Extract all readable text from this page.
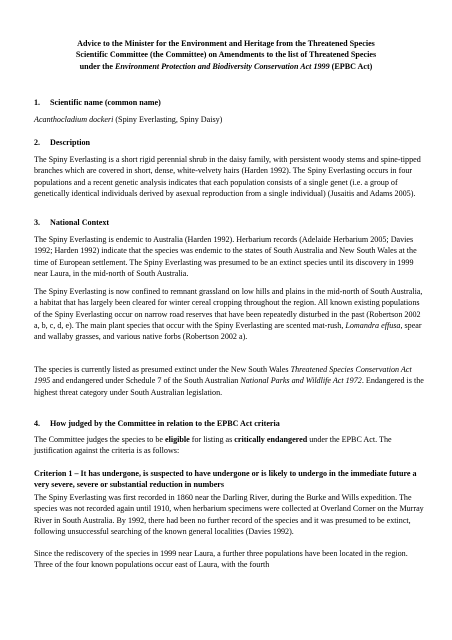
Advice to the Minister for the Environment and Heritage from the Threatened Species
Scientific Committee (the Committee) on Amendments to the list of Threatened Species
under the Environment Protection and Biodiversity Conservation Act 1999 (EPBC Act)
1. Scientific name (common name)

Acanthocladium dockeri (Spiny Everlasting, Spiny Daisy)

2. Description

The Spiny Everlasting is a short rigid perennial shrub in the daisy family, with persistent woody stems and spine-tipped branches which are covered in short, dense, white-velvety hairs (Harden 1992). The Spiny Everlasting occurs in four populations and a recent genetic analysis indicates that each population consists of a single genet (i.e. a group of genetically identical individuals derived by asexual reproduction from a single individual) (Jusaitis and Adams 2005).

3. National Context

The Spiny Everlasting is endemic to Australia (Harden 1992). Herbarium records (Adelaide Herbarium 2005; Davies 1992; Harden 1992) indicate that the species was endemic to the states of South Australia and New South Wales at the time of European settlement. The Spiny Everlasting was presumed to be an extinct species until its discovery in 1999 near Laura, in the mid-north of South Australia.

The Spiny Everlasting is now confined to remnant grassland on low hills and plains in the mid-north of South Australia, a habitat that has largely been cleared for winter cereal cropping throughout the region. All known existing populations of the Spiny Everlasting occur on narrow road reserves that have been repeatedly disturbed in the past (Robertson 2002 a, b, c, d, e). The main plant species that occur with the Spiny Everlasting are scented mat-rush, Lomandra effusa, spear and wallaby grasses, and various native forbs (Robertson 2002 a).

The species is currently listed as presumed extinct under the New South Wales Threatened Species Conservation Act 1995 and endangered under Schedule 7 of the South Australian National Parks and Wildlife Act 1972. Endangered is the highest threat category under South Australian legislation.

4. How judged by the Committee in relation to the EPBC Act criteria

The Committee judges the species to be eligible for listing as critically endangered under the EPBC Act. The justification against the criteria is as follows:

Criterion 1 – It has undergone, is suspected to have undergone or is likely to undergo in the immediate future a very severe, severe or substantial reduction in numbers

The Spiny Everlasting was first recorded in 1860 near the Darling River, during the Burke and Wills expedition. The species was not recorded again until 1910, when herbarium specimens were collected at Overland Corner on the Murray River in South Australia. By 1992, there had been no further record of the species and it was presumed to be extinct, following unsuccessful searching of the known general localities (Davies 1992).

Since the rediscovery of the species in 1999 near Laura, a further three populations have been located in the region. Three of the four known populations occur east of Laura, with the fourth
